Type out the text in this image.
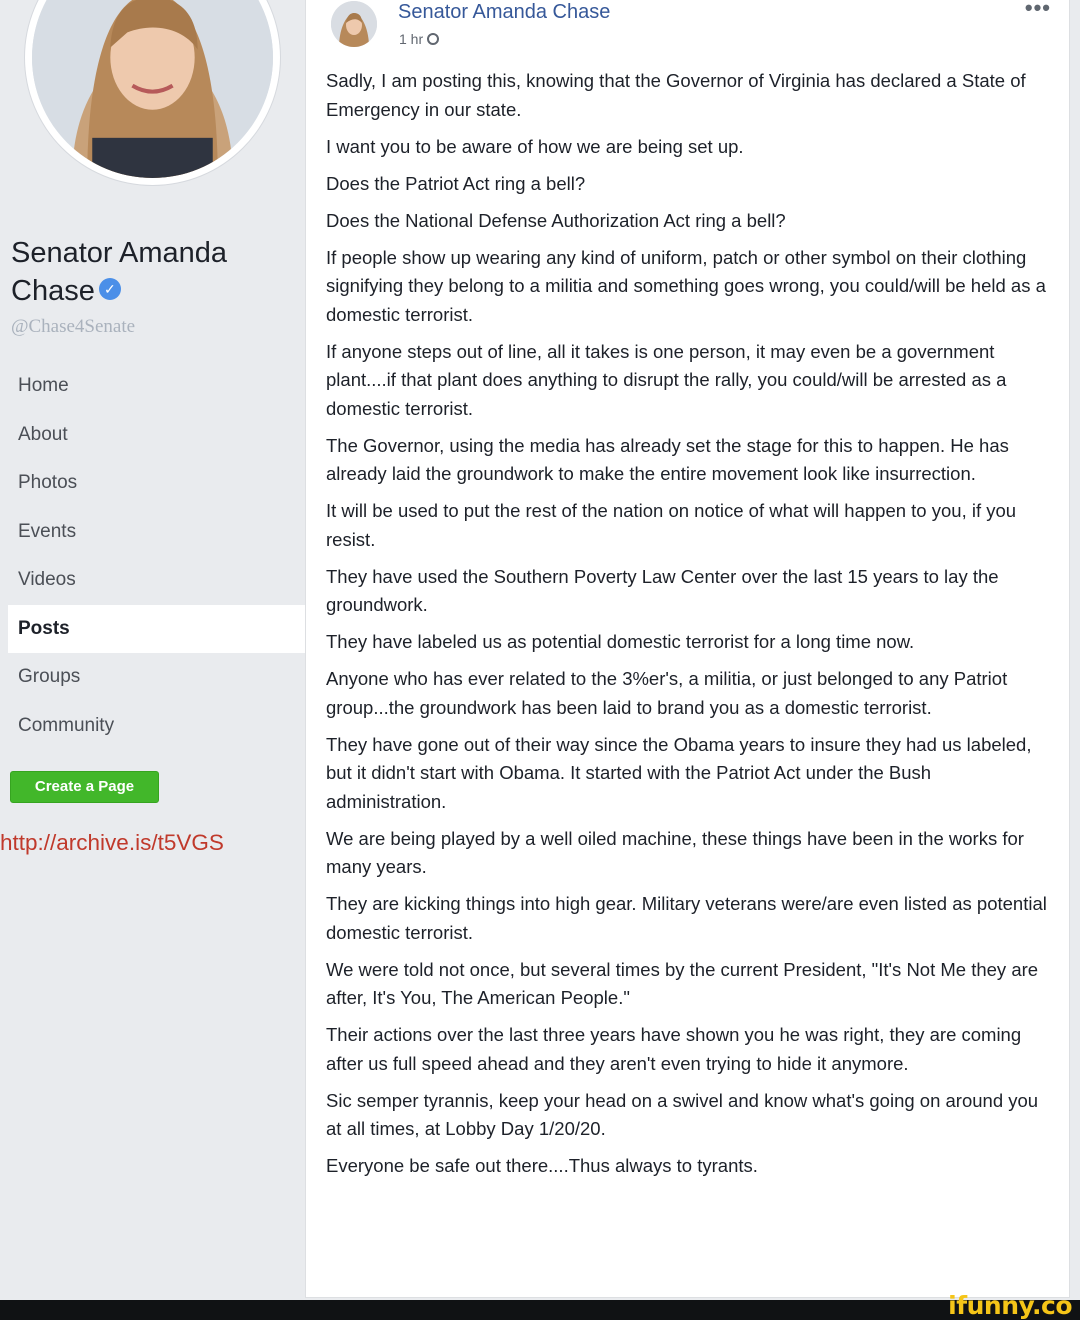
Senator Amanda Chase ✓
@Chase4Senate
Home
About
Photos
Events
Videos
Posts
Groups
Community
Create a Page
http://archive.is/t5VGS
Senator Amanda Chase
1 hr
•••

Sadly, I am posting this, knowing that the Governor of Virginia has declared a State of Emergency in our state.

I want you to be aware of how we are being set up.

Does the Patriot Act ring a bell?

Does the National Defense Authorization Act ring a bell?

If people show up wearing any kind of uniform, patch or other symbol on their clothing signifying they belong to a militia and something goes wrong, you could/will be held as a domestic terrorist.

If anyone steps out of line, all it takes is one person, it may even be a government plant....if that plant does anything to disrupt the rally, you could/will be arrested as a domestic terrorist.

The Governor, using the media has already set the stage for this to happen. He has already laid the groundwork to make the entire movement look like insurrection.

It will be used to put the rest of the nation on notice of what will happen to you, if you resist.

They have used the Southern Poverty Law Center over the last 15 years to lay the groundwork.

They have labeled us as potential domestic terrorist for a long time now.

Anyone who has ever related to the 3%er's, a militia, or just belonged to any Patriot group...the groundwork has been laid to brand you as a domestic terrorist.

They have gone out of their way since the Obama years to insure they had us labeled, but it didn't start with Obama. It started with the Patriot Act under the Bush administration.

We are being played by a well oiled machine, these things have been in the works for many years.

They are kicking things into high gear. Military veterans were/are even listed as potential domestic terrorist.

We were told not once, but several times by the current President, "It's Not Me they are after, It's You, The American People."

Their actions over the last three years have shown you he was right, they are coming after us full speed ahead and they aren't even trying to hide it anymore.

Sic semper tyrannis, keep your head on a swivel and know what's going on around you at all times, at Lobby Day 1/20/20.

Everyone be safe out there....Thus always to tyrants.

ifunny.co
